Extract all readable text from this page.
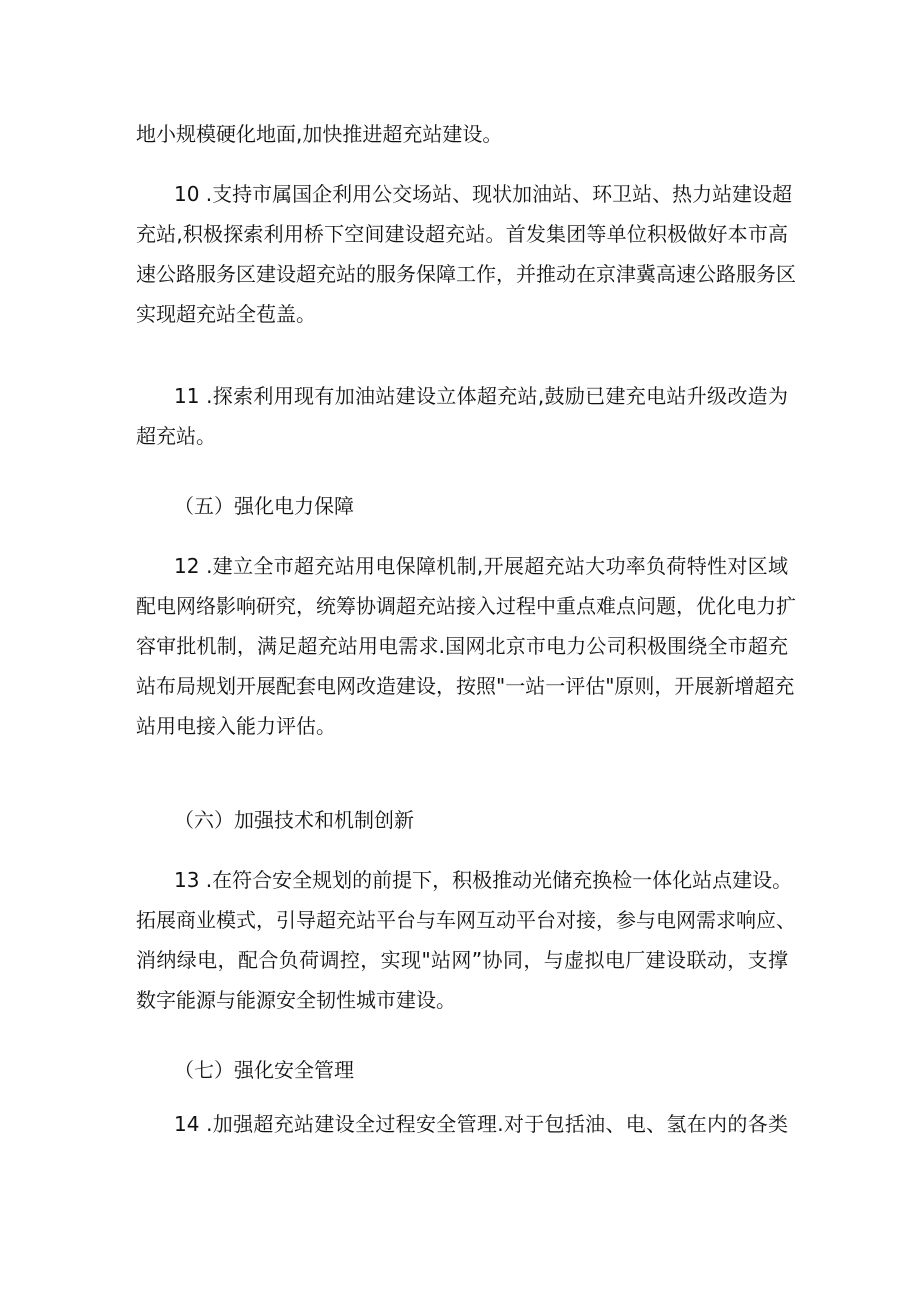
地小规模硬化地面,加快推进超充站建设。

10 .支持市属国企利用公交场站、现状加油站、环卫站、热力站建设超
充站,积极探索利用桥下空间建设超充站。首发集团等单位积极做好本市高
速公路服务区建设超充站的服务保障工作，并推动在京津冀高速公路服务区
实现超充站全苞盖。

11 .探索利用现有加油站建设立体超充站,鼓励已建充电站升级改造为
超充站。

（五）强化电力保障

12 .建立全市超充站用电保障机制,开展超充站大功率负荷特性对区域
配电网络影响研究，统筹协调超充站接入过程中重点难点问题，优化电力扩
容审批机制，满足超充站用电需求.国网北京市电力公司积极围绕全市超充
站布局规划开展配套电网改造建设，按照"一站一评估"原则，开展新增超充
站用电接入能力评估。

（六）加强技术和机制创新

13 .在符合安全规划的前提下，积极推动光储充换检一体化站点建设。
拓展商业模式，引导超充站平台与车网互动平台对接，参与电网需求响应、
消纳绿电，配合负荷调控，实现"站网”协同，与虚拟电厂建设联动，支撑
数字能源与能源安全韧性城市建设。

（七）强化安全管理

14 .加强超充站建设全过程安全管理.对于包括油、电、氢在内的各类
